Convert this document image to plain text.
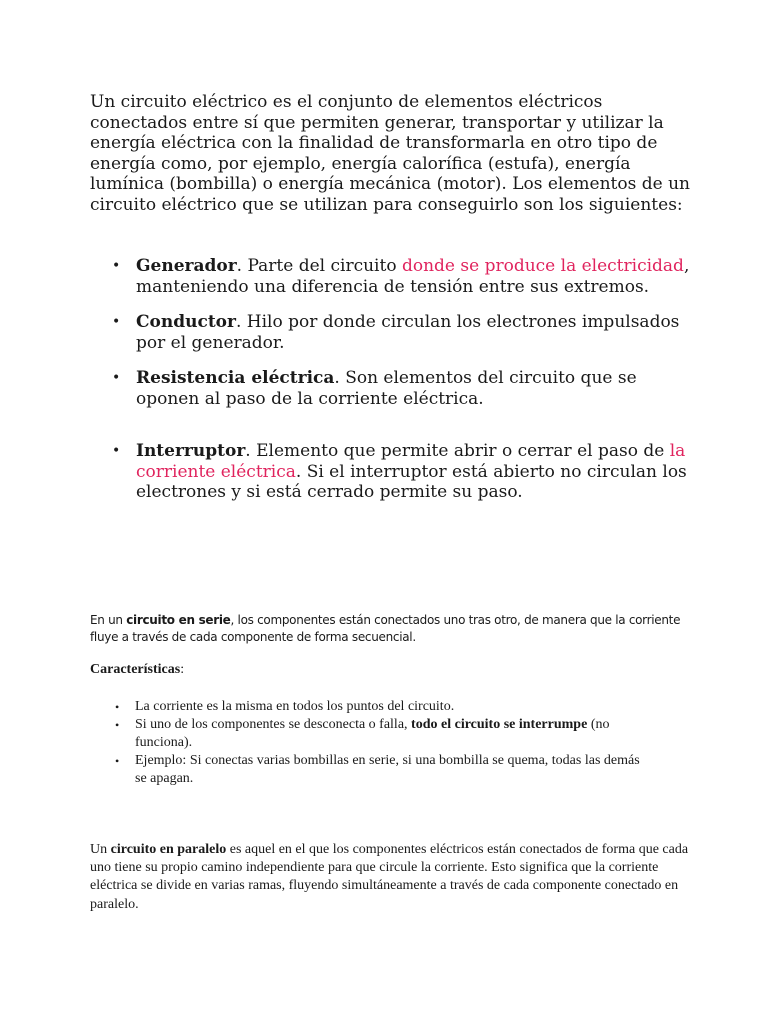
Un circuito eléctrico es el conjunto de elementos eléctricos conectados entre sí que permiten generar, transportar y utilizar la energía eléctrica con la finalidad de transformarla en otro tipo de energía como, por ejemplo, energía calorífica (estufa), energía lumínica (bombilla) o energía mecánica (motor). Los elementos de un circuito eléctrico que se utilizan para conseguirlo son los siguientes:

• Generador. Parte del circuito donde se produce la electricidad, manteniendo una diferencia de tensión entre sus extremos.
• Conductor. Hilo por donde circulan los electrones impulsados por el generador.
• Resistencia eléctrica. Son elementos del circuito que se oponen al paso de la corriente eléctrica.
• Interruptor. Elemento que permite abrir o cerrar el paso de la corriente eléctrica. Si el interruptor está abierto no circulan los electrones y si está cerrado permite su paso.

En un circuito en serie, los componentes están conectados uno tras otro, de manera que la corriente fluye a través de cada componente de forma secuencial.

Características:

• La corriente es la misma en todos los puntos del circuito.
• Si uno de los componentes se desconecta o falla, todo el circuito se interrumpe (no funciona).
• Ejemplo: Si conectas varias bombillas en serie, si una bombilla se quema, todas las demás se apagan.

Un circuito en paralelo es aquel en el que los componentes eléctricos están conectados de forma que cada uno tiene su propio camino independiente para que circule la corriente. Esto significa que la corriente eléctrica se divide en varias ramas, fluyendo simultáneamente a través de cada componente conectado en paralelo.
